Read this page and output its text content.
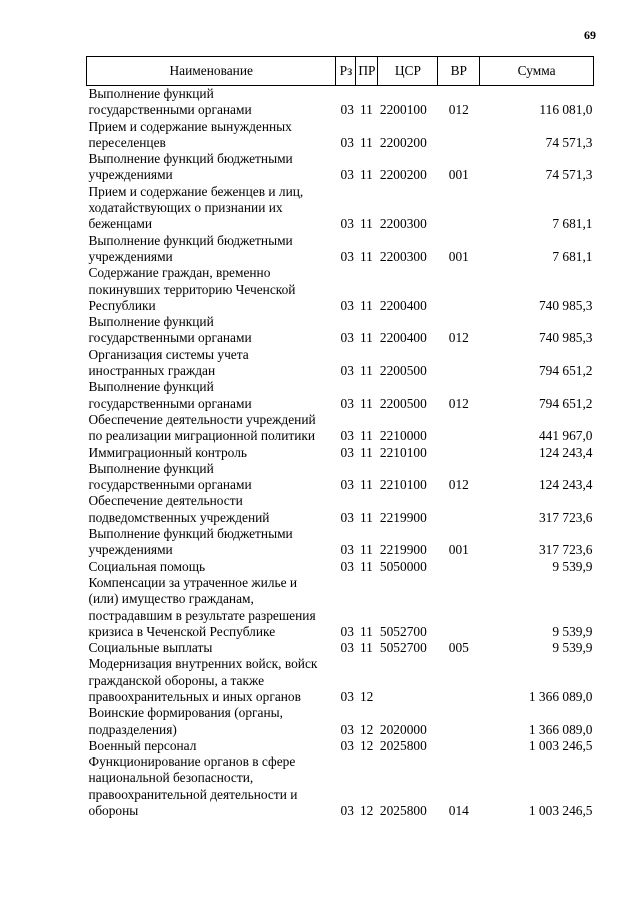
69
Наименование	Рз	ПР	ЦСР	ВР	Сумма

Выполнение функций
государственными органами	03	11	2200100	012	116 081,0

Прием и содержание вынужденных
переселенцев	03	11	2200200		74 571,3

Выполнение функций бюджетными
учреждениями	03	11	2200200	001	74 571,3

Прием и содержание беженцев и лиц,
ходатайствующих о признании их
беженцами	03	11	2200300		7 681,1

Выполнение функций бюджетными
учреждениями	03	11	2200300	001	7 681,1

Содержание граждан, временно
покинувших территорию Чеченской
Республики	03	11	2200400		740 985,3

Выполнение функций
государственными органами	03	11	2200400	012	740 985,3

Организация системы учета
иностранных граждан	03	11	2200500		794 651,2

Выполнение функций
государственными органами	03	11	2200500	012	794 651,2

Обеспечение деятельности учреждений
по реализации миграционной политики	03	11	2210000		441 967,0

Иммиграционный контроль	03	11	2210100		124 243,4

Выполнение функций
государственными органами	03	11	2210100	012	124 243,4

Обеспечение деятельности
подведомственных учреждений	03	11	2219900		317 723,6

Выполнение функций бюджетными
учреждениями	03	11	2219900	001	317 723,6

Социальная помощь	03	11	5050000		9 539,9

Компенсации за утраченное жилье и
(или) имущество гражданам,
пострадавшим в результате разрешения
кризиса в Чеченской Республике	03	11	5052700		9 539,9

Социальные выплаты	03	11	5052700	005	9 539,9

Модернизация внутренних войск, войск
гражданской обороны, а также
правоохранительных и иных органов	03	12			1 366 089,0

Воинские формирования (органы,
подразделения)	03	12	2020000		1 366 089,0

Военный персонал	03	12	2025800		1 003 246,5

Функционирование органов в сфере
национальной безопасности,
правоохранительной деятельности и
обороны	03	12	2025800	014	1 003 246,5
